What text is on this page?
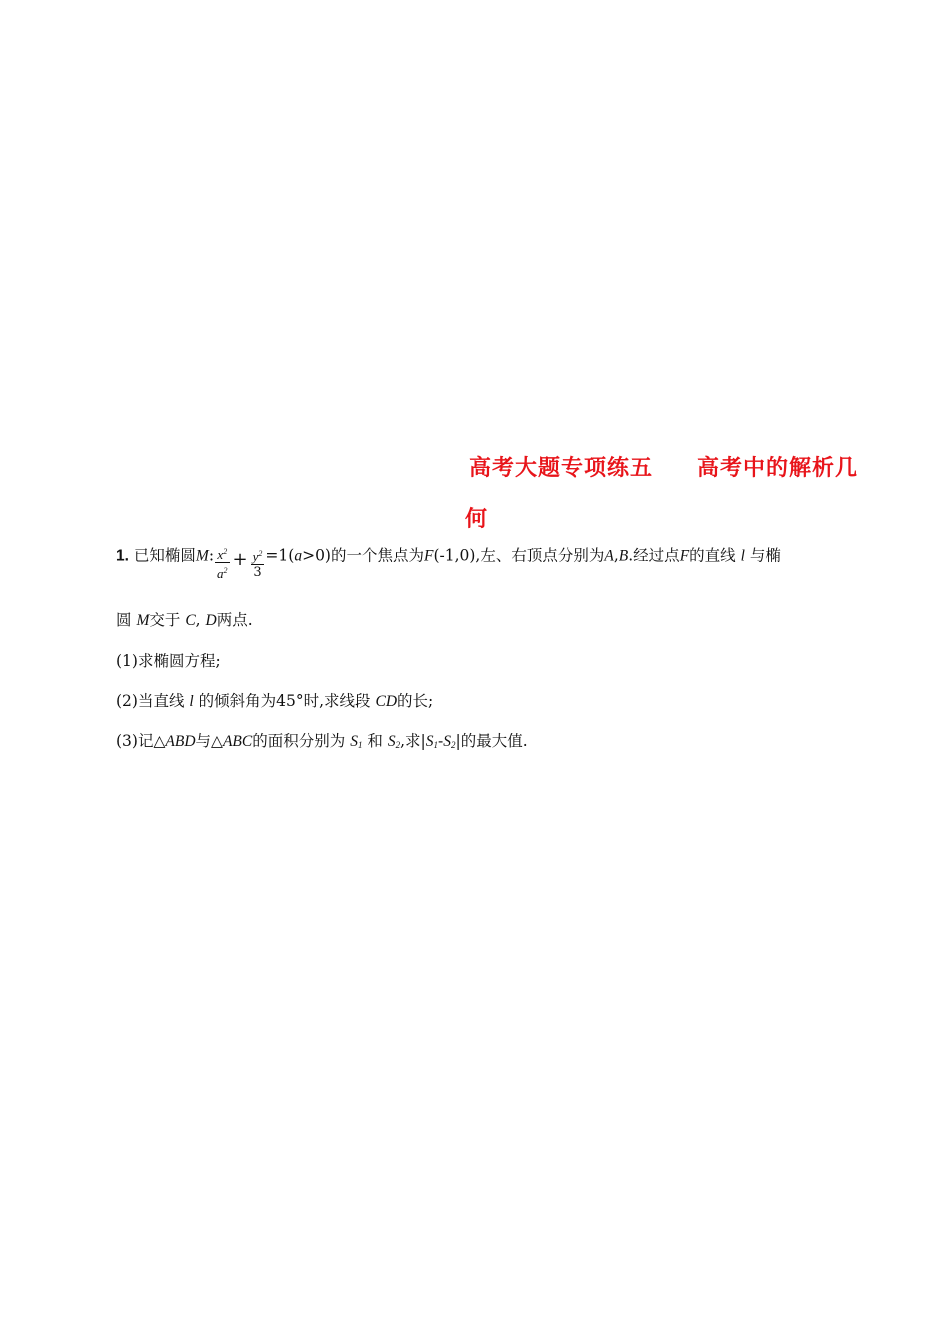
高考大题专项练五 高考中的解析几
何
1. 已知椭圆M: $\frac{x^2}{a^2} + \frac{y^2}{3} =1(a>0)$的一个焦点为F(-1,0),左、右顶点分别为A,B.经过点F的直线 l 与椭
圆 M交于 C, D两点.
(1)求椭圆方程;
(2)当直线 l 的倾斜角为45°时,求线段 CD的长;
(3)记△ABD与△ABC的面积分别为 $S_1$ 和 $S_2$,求$|S_1-S_2|$的最大值.
